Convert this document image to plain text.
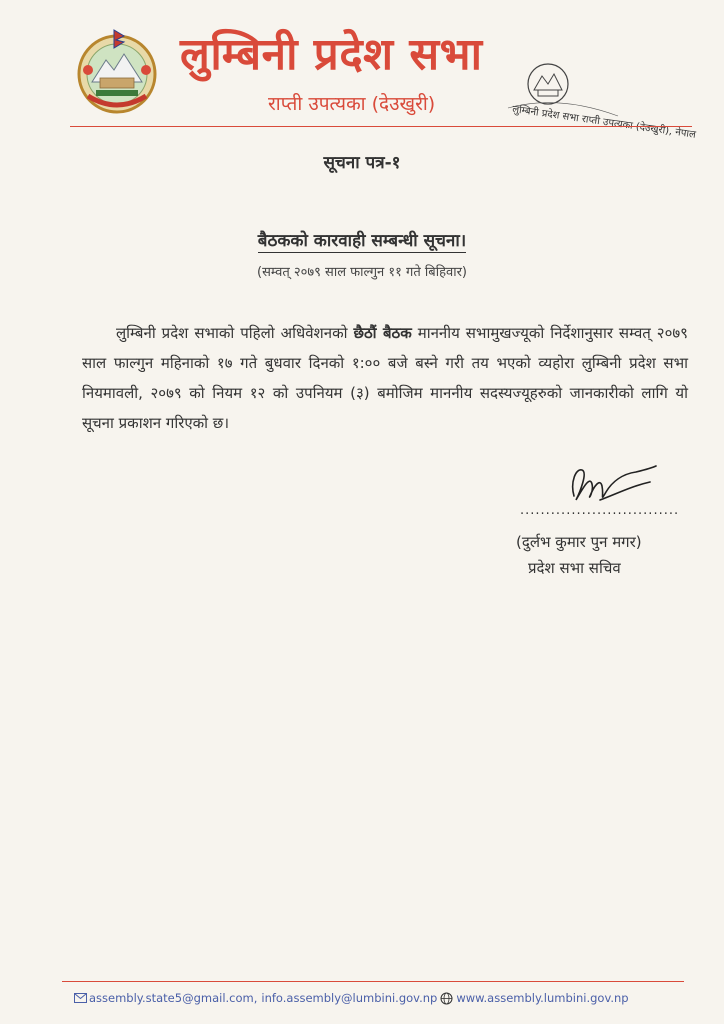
लुम्बिनी प्रदेश सभा
राप्ती उपत्यका (देउखुरी)
लुम्बिनी प्रदेश सभा राप्ती उपत्यका (देउखुरी), नेपाल
सूचना पत्र-१
बैठकको कारवाही सम्बन्धी सूचना।
(सम्वत् २०७९ साल फाल्गुन ११ गते बिहिवार)
लुम्बिनी प्रदेश सभाको पहिलो अधिवेशनको छैठौं बैठक माननीय सभामुखज्यूको निर्देशानुसार सम्वत् २०७९ साल फाल्गुन महिनाको १७ गते बुधवार दिनको १:०० बजे बस्ने गरी तय भएको व्यहोरा लुम्बिनी प्रदेश सभा नियमावली, २०७९ को नियम १२ को उपनियम (३) बमोजिम माननीय सदस्यज्यूहरुको जानकारीको लागि यो सूचना प्रकाशन गरिएको छ।
...............................
(दुर्लभ कुमार पुन मगर)
प्रदेश सभा सचिव
assembly.state5@gmail.com, info.assembly@lumbini.gov.np www.assembly.lumbini.gov.np
